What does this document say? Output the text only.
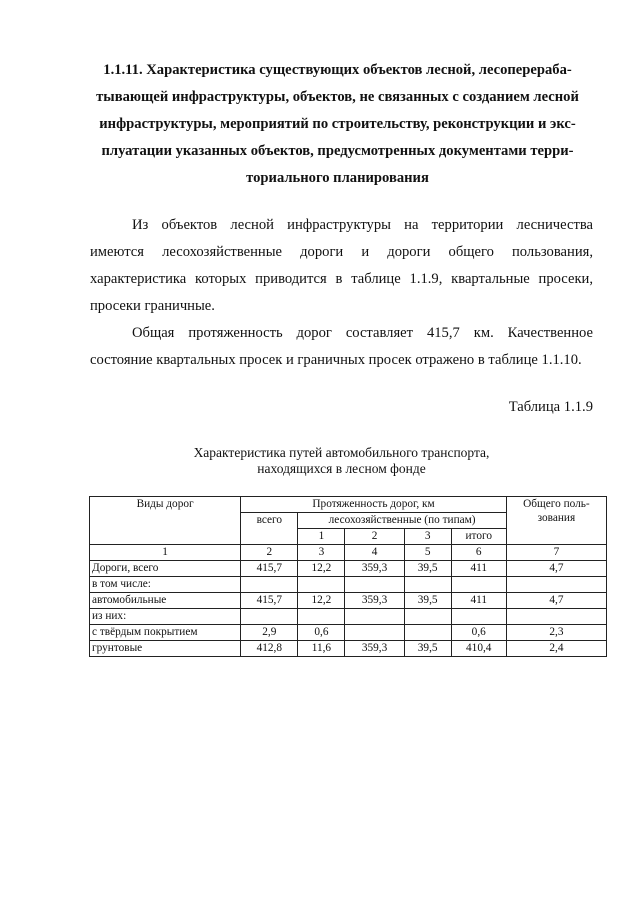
1.1.11. Характеристика существующих объектов лесной, лесоперераба-
тывающей инфраструктуры, объектов, не связанных с созданием лесной
инфраструктуры, мероприятий по строительству, реконструкции и экс-
плуатации указанных объектов, предусмотренных документами терри-
ториального планирования

Из объектов лесной инфраструктуры на территории лесничества имеются лесохозяйственные дороги и дороги общего пользования, характеристика которых приводится в таблице 1.1.9, квартальные просеки, просеки граничные.

Общая протяженность дорог составляет 415,7 км. Качественное состояние квартальных просек и граничных просек отражено в таблице 1.1.10.

Таблица 1.1.9
Характеристика путей автомобильного транспорта,
находящихся в лесном фонде
Виды дорог	Протяженность дорог, км					Общего поль-зования
	всего	лесохозяйственные (по типам)				
		1	2	3	итого	
1	2	3	4	5	6	7
Дороги, всего	415,7	12,2	359,3	39,5	411	4,7
в том числе:						
автомобильные	415,7	12,2	359,3	39,5	411	4,7
из них:						
с твёрдым покрытием	2,9	0,6			0,6	2,3
грунтовые	412,8	11,6	359,3	39,5	410,4	2,4
